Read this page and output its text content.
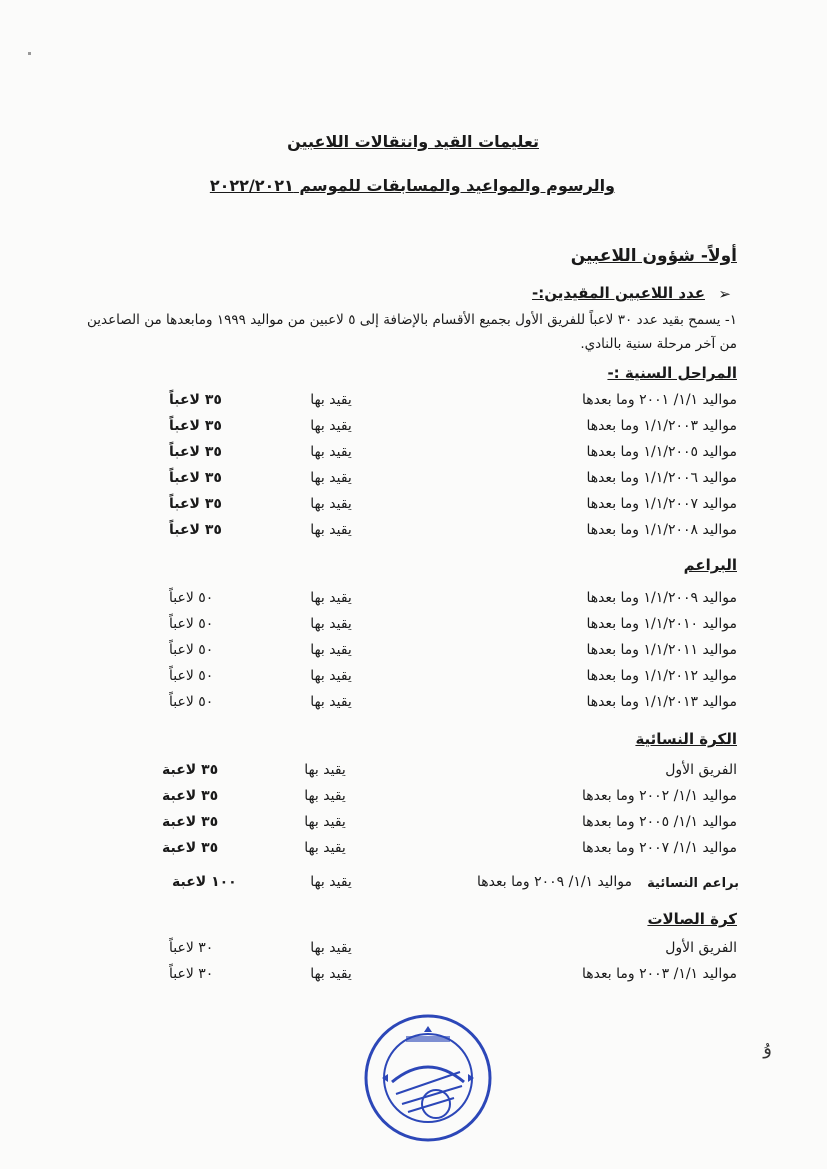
تعليمات القيد وانتقالات اللاعبين
والرسوم والمواعيد والمسابقات للموسم ٢٠٢٢/٢٠٢١
أولاً- شؤون اللاعبين
➢
عدد اللاعبين المقيدين:-
١- يسمح بقيد عدد ٣٠ لاعباً للفريق الأول بجميع الأقسام بالإضافة إلى ٥ لاعبين من مواليد ١٩٩٩ ومابعدها من الصاعدين من آخر مرحلة سنية بالنادي.
المراحل السنية :-
مواليد ١/١/ ٢٠٠١ وما بعدها
يقيد بها
٣٥ لاعباً
مواليد ١/١/٢٠٠٣ وما بعدها
يقيد بها
٣٥ لاعباً
مواليد ١/١/٢٠٠٥ وما بعدها
يقيد بها
٣٥ لاعباً
مواليد ١/١/٢٠٠٦ وما بعدها
يقيد بها
٣٥ لاعباً
مواليد ١/١/٢٠٠٧ وما بعدها
يقيد بها
٣٥ لاعباً
مواليد ١/١/٢٠٠٨ وما بعدها
يقيد بها
٣٥ لاعباً
البراعم
مواليد ١/١/٢٠٠٩ وما بعدها
يقيد بها
٥٠ لاعباً
مواليد ١/١/٢٠١٠ وما بعدها
يقيد بها
٥٠ لاعباً
مواليد ١/١/٢٠١١ وما بعدها
يقيد بها
٥٠ لاعباً
مواليد ١/١/٢٠١٢ وما بعدها
يقيد بها
٥٠ لاعباً
مواليد ١/١/٢٠١٣ وما بعدها
يقيد بها
٥٠ لاعباً
الكرة النسائية
الفريق الأول
يقيد بها
٣٥ لاعبة
مواليد ١/١/ ٢٠٠٢ وما بعدها
يقيد بها
٣٥ لاعبة
مواليد ١/١/ ٢٠٠٥ وما بعدها
يقيد بها
٣٥ لاعبة
مواليد ١/١/ ٢٠٠٧ وما بعدها
يقيد بها
٣٥ لاعبة
براعم النسائية
مواليد ١/١/ ٢٠٠٩ وما بعدها
يقيد بها
١٠٠ لاعبة
كرة الصالات
الفريق الأول
يقيد بها
٣٠ لاعباً
مواليد ١/١/ ٢٠٠٣ وما بعدها
يقيد بها
٣٠ لاعباً
ۇ
